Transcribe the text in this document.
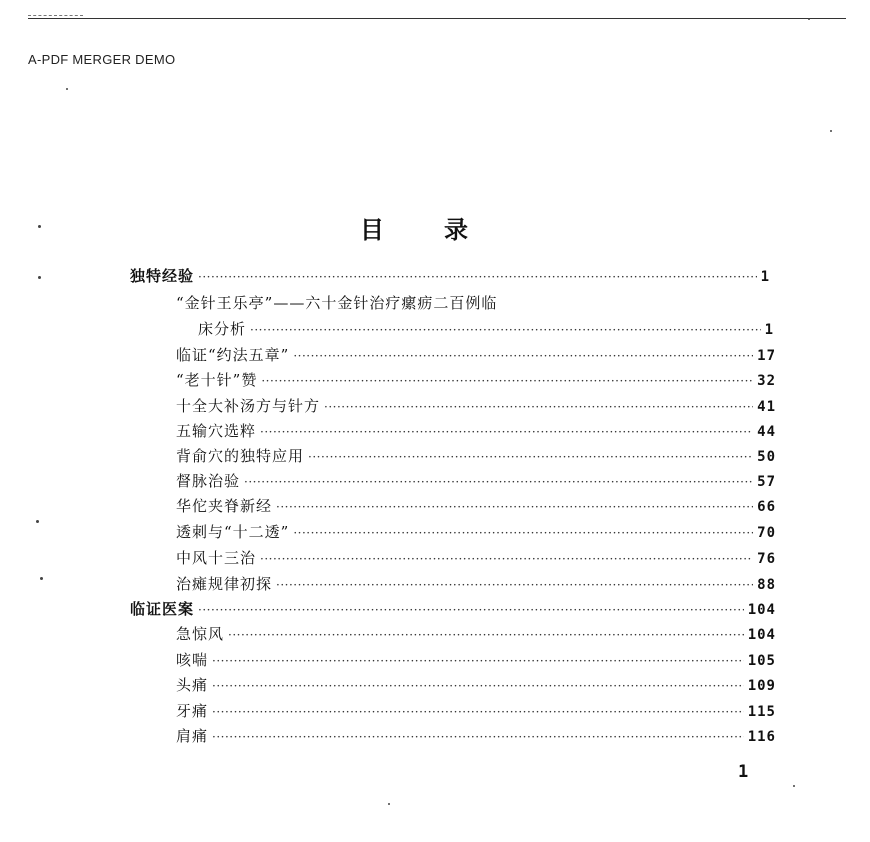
A-PDF MERGER DEMO
目录
独特经验 ·····	1
“金针王乐亭”——六十金针治疗瘰疬二百例临
床分析 ·····	1
临证“约法五章” ·····	17
“老十针”赞 ·····	32
十全大补汤方与针方 ·····	41
五输穴选粹 ·····	44
背俞穴的独特应用 ·····	50
督脉治验 ·····	57
华佗夹脊新经 ·····	66
透刺与“十二透” ·····	70
中风十三治 ·····	76
治瘫规律初探 ·····	88
临证医案 ·····	104
急惊风 ·····	104
咳喘 ·····	105
头痛 ·····	109
牙痛 ·····	115
肩痛 ·····	116
1
